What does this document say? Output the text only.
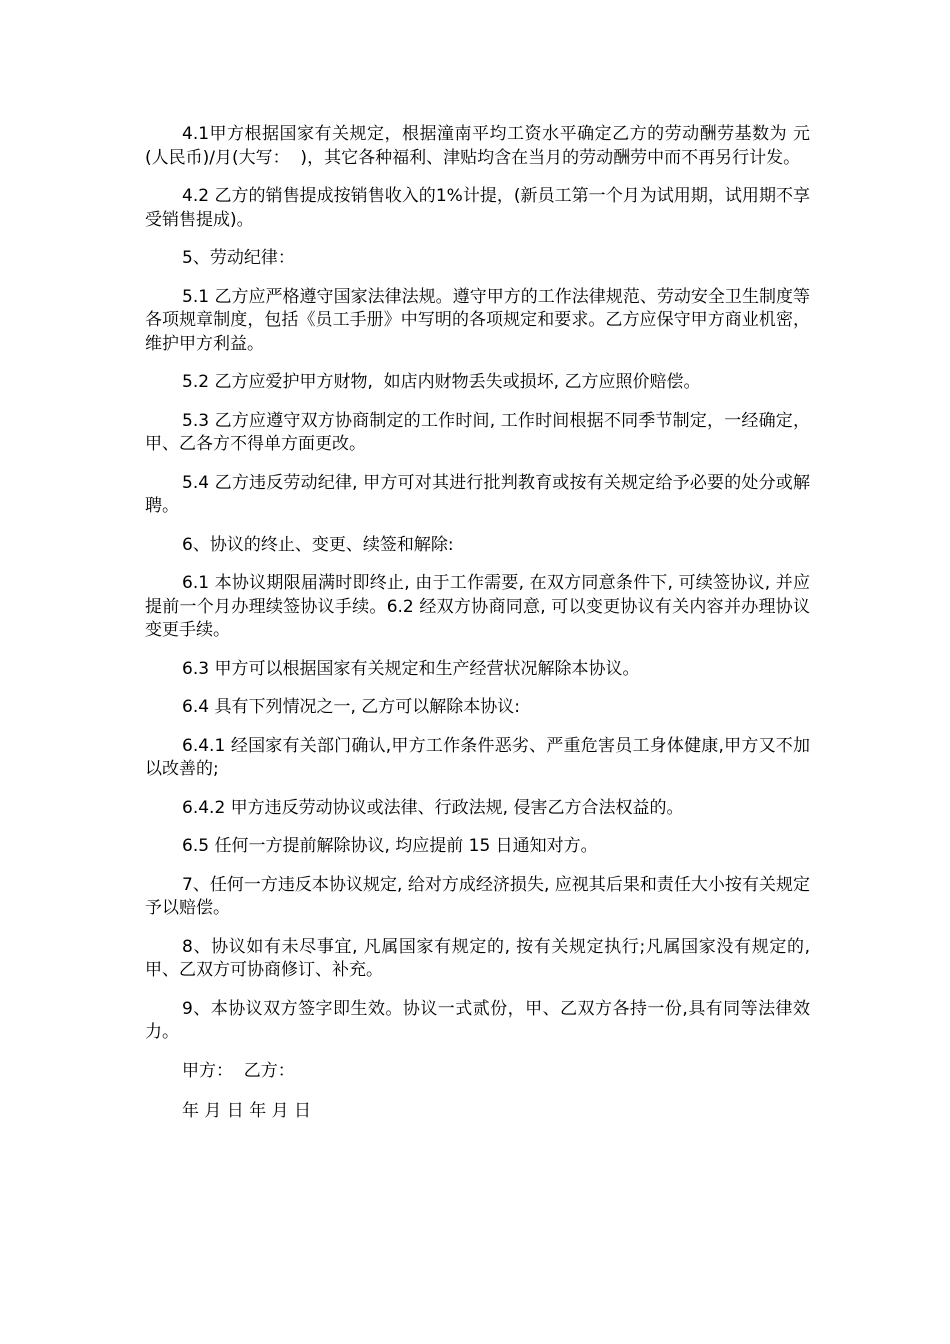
4.1甲方根据国家有关规定，根据潼南平均工资水平确定乙方的劳动酬劳基数为 元(人民币)/月(大写：  )，其它各种福利、津贴均含在当月的劳动酬劳中而不再另行计发。

4.2 乙方的销售提成按销售收入的1%计提，(新员工第一个月为试用期，试用期不享受销售提成)。

5、劳动纪律：

5.1 乙方应严格遵守国家法律法规。遵守甲方的工作法律规范、劳动安全卫生制度等各项规章制度，包括《员工手册》中写明的各项规定和要求。乙方应保守甲方商业机密，维护甲方利益。

5.2 乙方应爱护甲方财物,  如店内财物丢失或损坏, 乙方应照价赔偿。

5.3 乙方应遵守双方协商制定的工作时间, 工作时间根据不同季节制定，一经确定，甲、乙各方不得单方面更改。

5.4 乙方违反劳动纪律, 甲方可对其进行批判教育或按有关规定给予必要的处分或解聘。

6、协议的终止、变更、续签和解除:

6.1 本协议期限届满时即终止, 由于工作需要, 在双方同意条件下, 可续签协议, 并应提前一个月办理续签协议手续。6.2 经双方协商同意, 可以变更协议有关内容并办理协议变更手续。

6.3 甲方可以根据国家有关规定和生产经营状况解除本协议。

6.4 具有下列情况之一, 乙方可以解除本协议:

6.4.1 经国家有关部门确认,甲方工作条件恶劣、严重危害员工身体健康,甲方又不加以改善的;

6.4.2 甲方违反劳动协议或法律、行政法规, 侵害乙方合法权益的。

6.5 任何一方提前解除协议, 均应提前 15 日通知对方。

7、任何一方违反本协议规定, 给对方成经济损失, 应视其后果和责任大小按有关规定予以赔偿。

8、协议如有未尽事宜, 凡属国家有规定的, 按有关规定执行;凡属国家没有规定的, 甲、乙双方可协商修订、补充。

9、本协议双方签字即生效。协议一式贰份，甲、乙双方各持一份,具有同等法律效力。

甲方：  乙方：

年 月 日 年 月 日
